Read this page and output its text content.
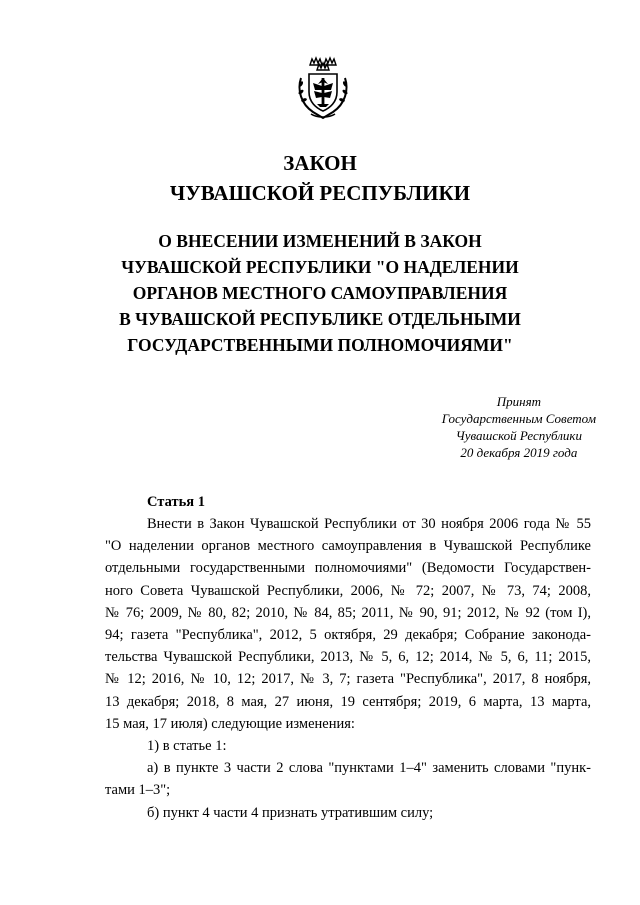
ЗАКОН
ЧУВАШСКОЙ РЕСПУБЛИКИ
О ВНЕСЕНИИ ИЗМЕНЕНИЙ В ЗАКОН
ЧУВАШСКОЙ РЕСПУБЛИКИ "О НАДЕЛЕНИИ
ОРГАНОВ МЕСТНОГО САМОУПРАВЛЕНИЯ
В ЧУВАШСКОЙ РЕСПУБЛИКЕ ОТДЕЛЬНЫМИ
ГОСУДАРСТВЕННЫМИ ПОЛНОМОЧИЯМИ"
Принят
Государственным Советом
Чувашской Республики
20 декабря 2019 года
Статья 1
Внести в Закон Чувашской Республики от 30 ноября 2006 года № 55
"О наделении органов местного самоуправления в Чувашской Республике
отдельными государственными полномочиями" (Ведомости Государствен-
ного Совета Чувашской Республики, 2006, № 72; 2007, № 73, 74; 2008,
№ 76; 2009, № 80, 82; 2010, № 84, 85; 2011, № 90, 91; 2012, № 92 (том I),
94; газета "Республика", 2012, 5 октября, 29 декабря; Собрание законода-
тельства Чувашской Республики, 2013, № 5, 6, 12; 2014, № 5, 6, 11; 2015,
№ 12; 2016, № 10, 12; 2017, № 3, 7; газета "Республика", 2017, 8 ноября,
13 декабря; 2018, 8 мая, 27 июня, 19 сентября; 2019, 6 марта, 13 марта,
15 мая, 17 июля) следующие изменения:
1) в статье 1:
а) в пункте 3 части 2 слова "пунктами 1–4" заменить словами "пунк-
тами 1–3";
б) пункт 4 части 4 признать утратившим силу;
